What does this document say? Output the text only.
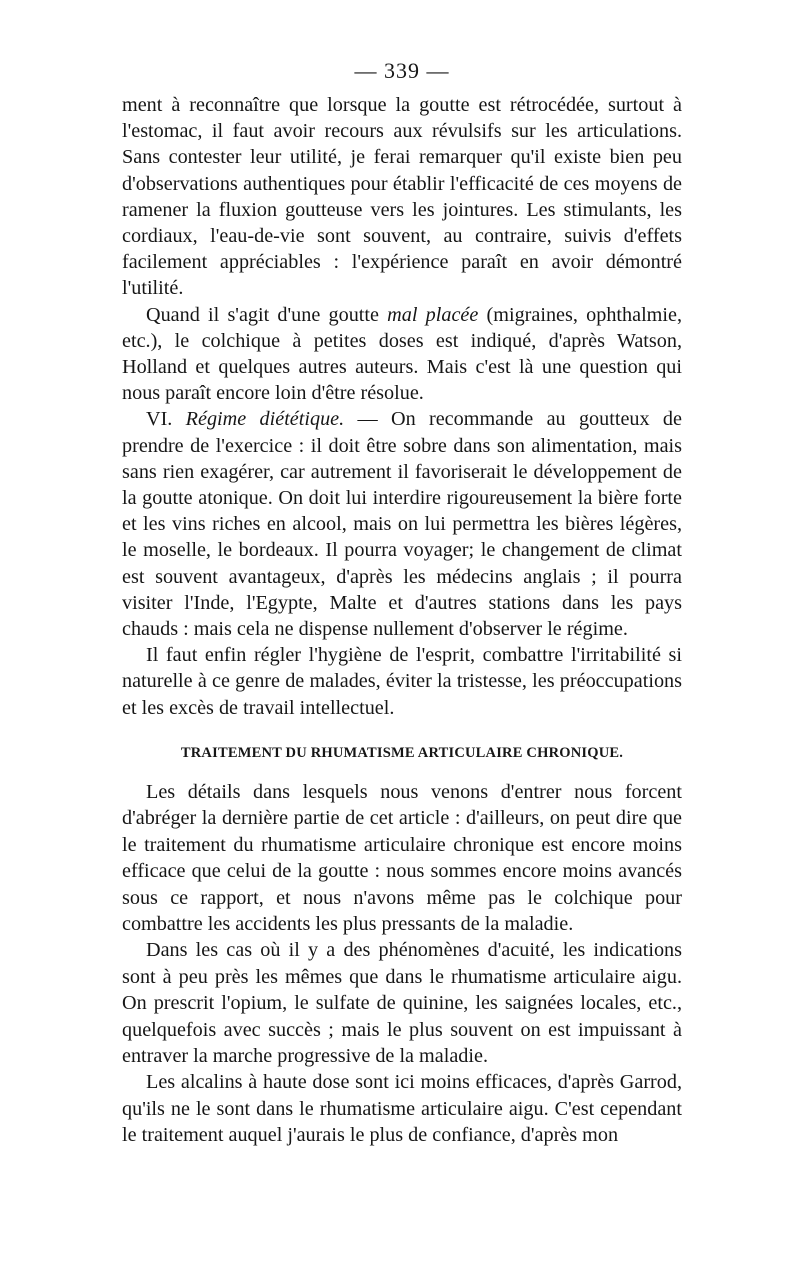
— 339 —

ment à reconnaître que lorsque la goutte est rétrocédée, surtout à l'estomac, il faut avoir recours aux révulsifs sur les articulations. Sans contester leur utilité, je ferai remarquer qu'il existe bien peu d'observations authentiques pour établir l'efficacité de ces moyens de ramener la fluxion goutteuse vers les jointures. Les stimulants, les cordiaux, l'eau-de-vie sont souvent, au contraire, suivis d'effets facilement appréciables : l'expérience paraît en avoir démontré l'utilité.

Quand il s'agit d'une goutte mal placée (migraines, ophthalmie, etc.), le colchique à petites doses est indiqué, d'après Watson, Holland et quelques autres auteurs. Mais c'est là une question qui nous paraît encore loin d'être résolue.

VI. Régime diététique. — On recommande au goutteux de prendre de l'exercice : il doit être sobre dans son alimentation, mais sans rien exagérer, car autrement il favoriserait le développement de la goutte atonique. On doit lui interdire rigoureusement la bière forte et les vins riches en alcool, mais on lui permettra les bières légères, le moselle, le bordeaux. Il pourra voyager; le changement de climat est souvent avantageux, d'après les médecins anglais ; il pourra visiter l'Inde, l'Egypte, Malte et d'autres stations dans les pays chauds : mais cela ne dispense nullement d'observer le régime.

Il faut enfin régler l'hygiène de l'esprit, combattre l'irritabilité si naturelle à ce genre de malades, éviter la tristesse, les préoccupations et les excès de travail intellectuel.

TRAITEMENT DU RHUMATISME ARTICULAIRE CHRONIQUE.

Les détails dans lesquels nous venons d'entrer nous forcent d'abréger la dernière partie de cet article : d'ailleurs, on peut dire que le traitement du rhumatisme articulaire chronique est encore moins efficace que celui de la goutte : nous sommes encore moins avancés sous ce rapport, et nous n'avons même pas le colchique pour combattre les accidents les plus pressants de la maladie.

Dans les cas où il y a des phénomènes d'acuité, les indications sont à peu près les mêmes que dans le rhumatisme articulaire aigu. On prescrit l'opium, le sulfate de quinine, les saignées locales, etc., quelquefois avec succès ; mais le plus souvent on est impuissant à entraver la marche progressive de la maladie.

Les alcalins à haute dose sont ici moins efficaces, d'après Garrod, qu'ils ne le sont dans le rhumatisme articulaire aigu. C'est cependant le traitement auquel j'aurais le plus de confiance, d'après mon
